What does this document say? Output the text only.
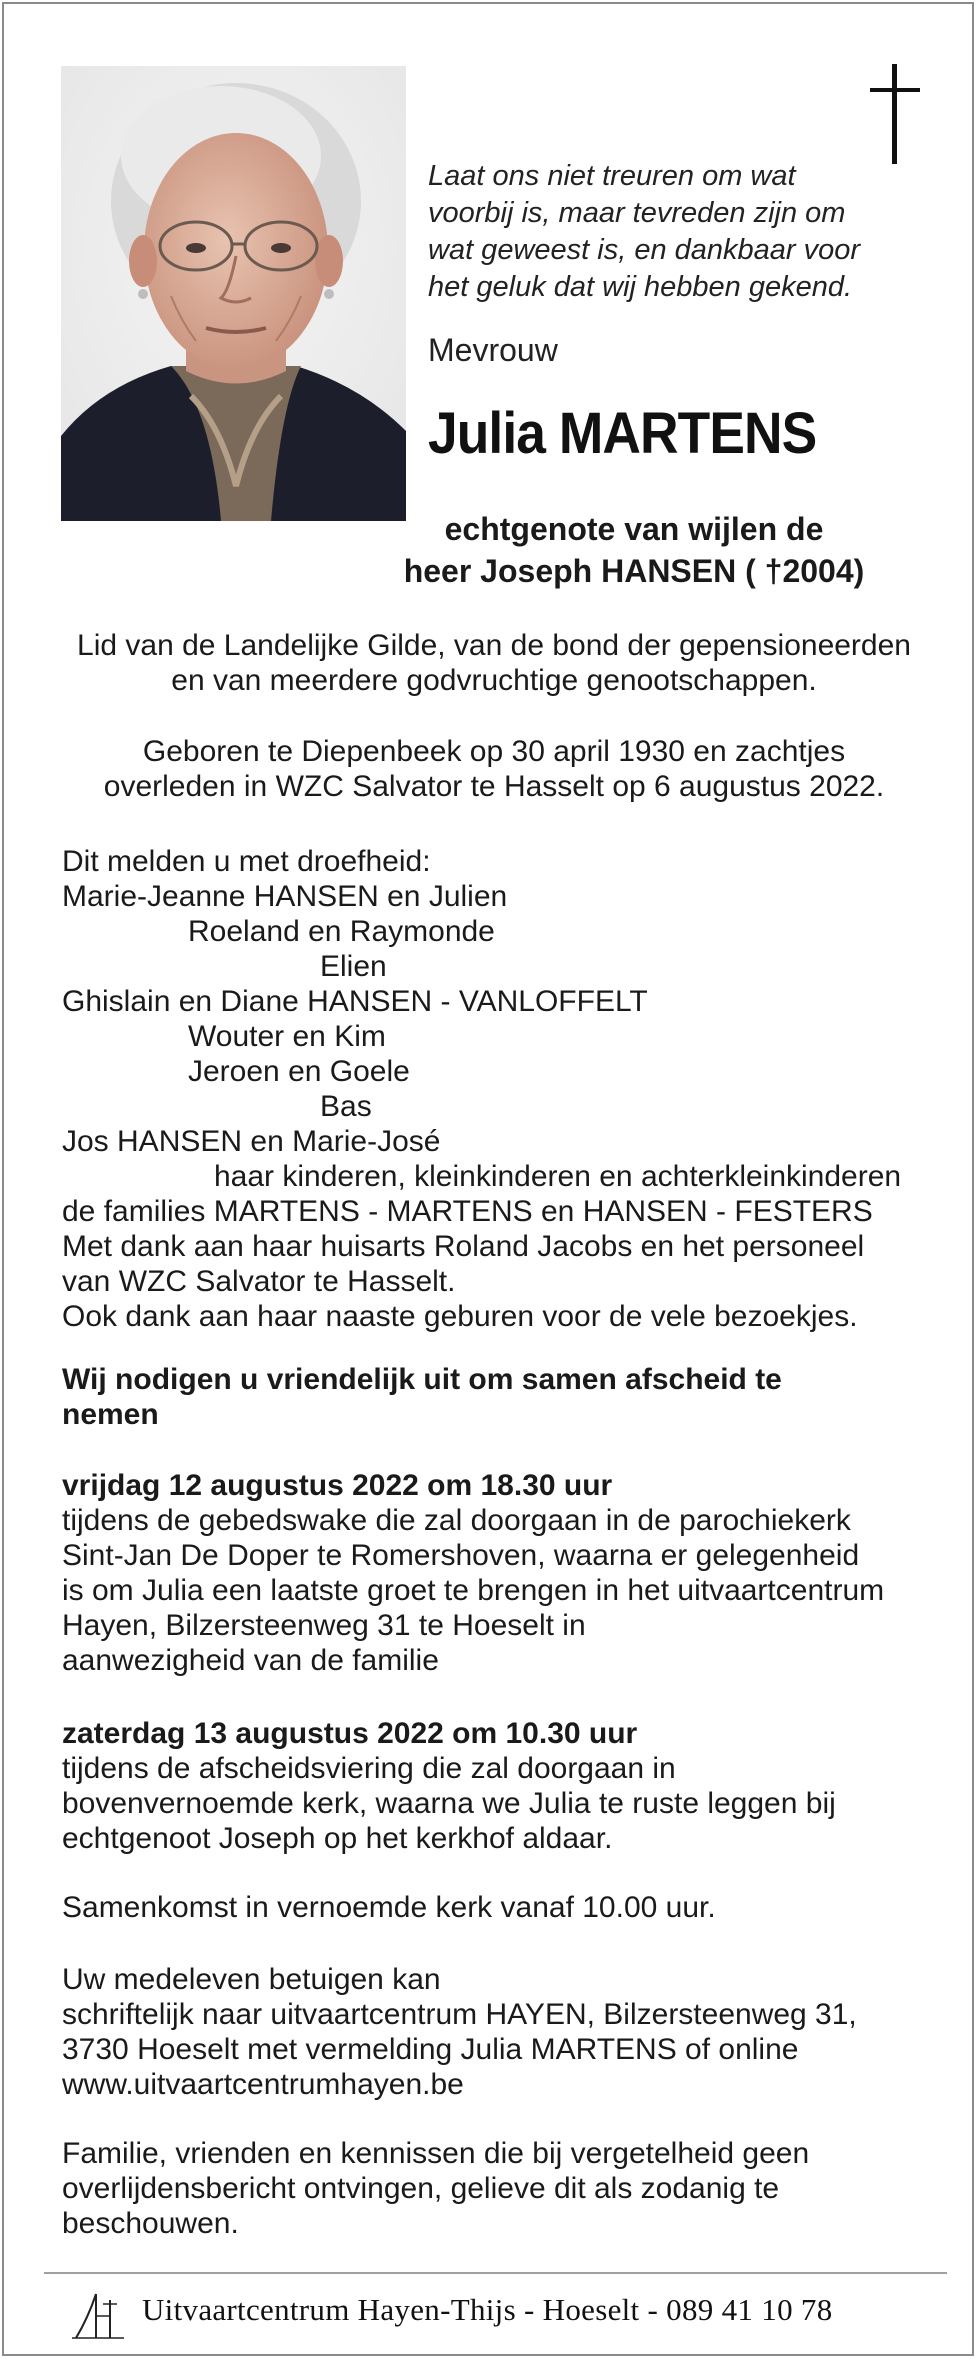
Laat ons niet treuren om wat
voorbij is, maar tevreden zijn om
wat geweest is, en dankbaar voor
het geluk dat wij hebben gekend.
Mevrouw
Julia MARTENS
echtgenote van wijlen de
heer Joseph HANSEN ( †2004)
Lid van de Landelijke Gilde, van de bond der gepensioneerden
en van meerdere godvruchtige genootschappen.
Geboren te Diepenbeek op 30 april 1930 en zachtjes
overleden in WZC Salvator te Hasselt op 6 augustus 2022.
Dit melden u met droefheid:
Marie-Jeanne HANSEN en Julien
Roeland en Raymonde
Elien
Ghislain en Diane HANSEN - VANLOFFELT
Wouter en Kim
Jeroen en Goele
Bas
Jos HANSEN en Marie-José
haar kinderen, kleinkinderen en achterkleinkinderen
de families MARTENS - MARTENS en HANSEN - FESTERS
Met dank aan haar huisarts Roland Jacobs en het personeel
van WZC Salvator te Hasselt.
Ook dank aan haar naaste geburen voor de vele bezoekjes.
Wij nodigen u vriendelijk uit om samen afscheid te
nemen
vrijdag 12 augustus 2022 om 18.30 uur
tijdens de gebedswake die zal doorgaan in de parochiekerk
Sint-Jan De Doper te Romershoven, waarna er gelegenheid
is om Julia een laatste groet te brengen in het uitvaartcentrum
Hayen, Bilzersteenweg 31 te Hoeselt in
aanwezigheid van de familie
zaterdag 13 augustus 2022 om 10.30 uur
tijdens de afscheidsviering die zal doorgaan in
bovenvernoemde kerk, waarna we Julia te ruste leggen bij
echtgenoot Joseph op het kerkhof aldaar.
Samenkomst in vernoemde kerk vanaf 10.00 uur.
Uw medeleven betuigen kan
schriftelijk naar uitvaartcentrum HAYEN, Bilzersteenweg 31,
3730 Hoeselt met vermelding Julia MARTENS of online
www.uitvaartcentrumhayen.be
Familie, vrienden en kennissen die bij vergetelheid geen
overlijdensbericht ontvingen, gelieve dit als zodanig te
beschouwen.
Uitvaartcentrum Hayen-Thijs - Hoeselt - 089 41 10 78
